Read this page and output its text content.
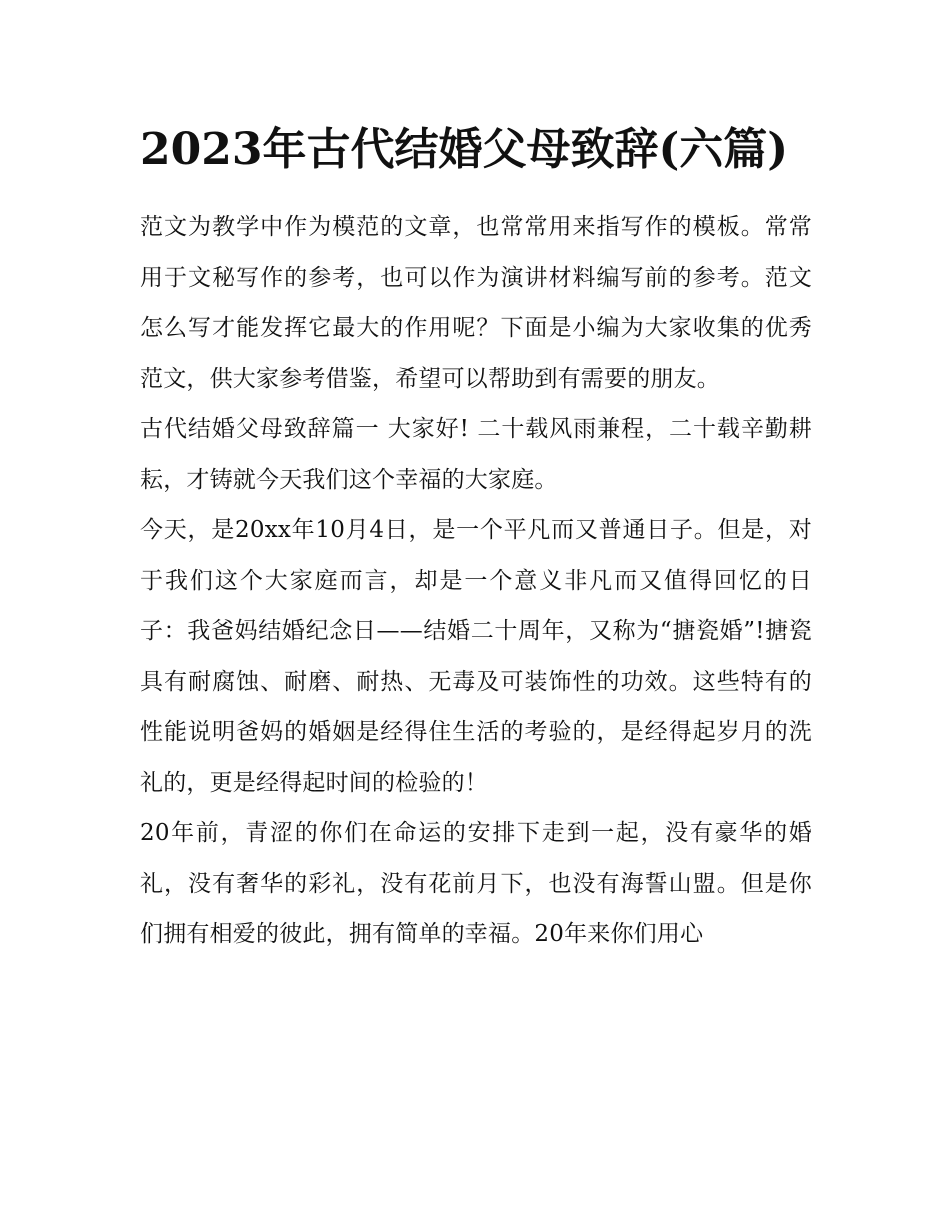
2023年古代结婚父母致辞(六篇)

范文为教学中作为模范的文章，也常常用来指写作的模板。常常用于文秘写作的参考，也可以作为演讲材料编写前的参考。范文怎么写才能发挥它最大的作用呢？下面是小编为大家收集的优秀范文，供大家参考借鉴，希望可以帮助到有需要的朋友。

古代结婚父母致辞篇一 大家好! 二十载风雨兼程，二十载辛勤耕耘，才铸就今天我们这个幸福的大家庭。

今天，是20xx年10月4日，是一个平凡而又普通日子。但是，对于我们这个大家庭而言，却是一个意义非凡而又值得回忆的日子：我爸妈结婚纪念日——结婚二十周年，又称为“搪瓷婚”!搪瓷具有耐腐蚀、耐磨、耐热、无毒及可装饰性的功效。这些特有的性能说明爸妈的婚姻是经得住生活的考验的，是经得起岁月的洗礼的，更是经得起时间的检验的！

20年前，青涩的你们在命运的安排下走到一起，没有豪华的婚礼，没有奢华的彩礼，没有花前月下，也没有海誓山盟。但是你们拥有相爱的彼此，拥有简单的幸福。20年来你们用心
